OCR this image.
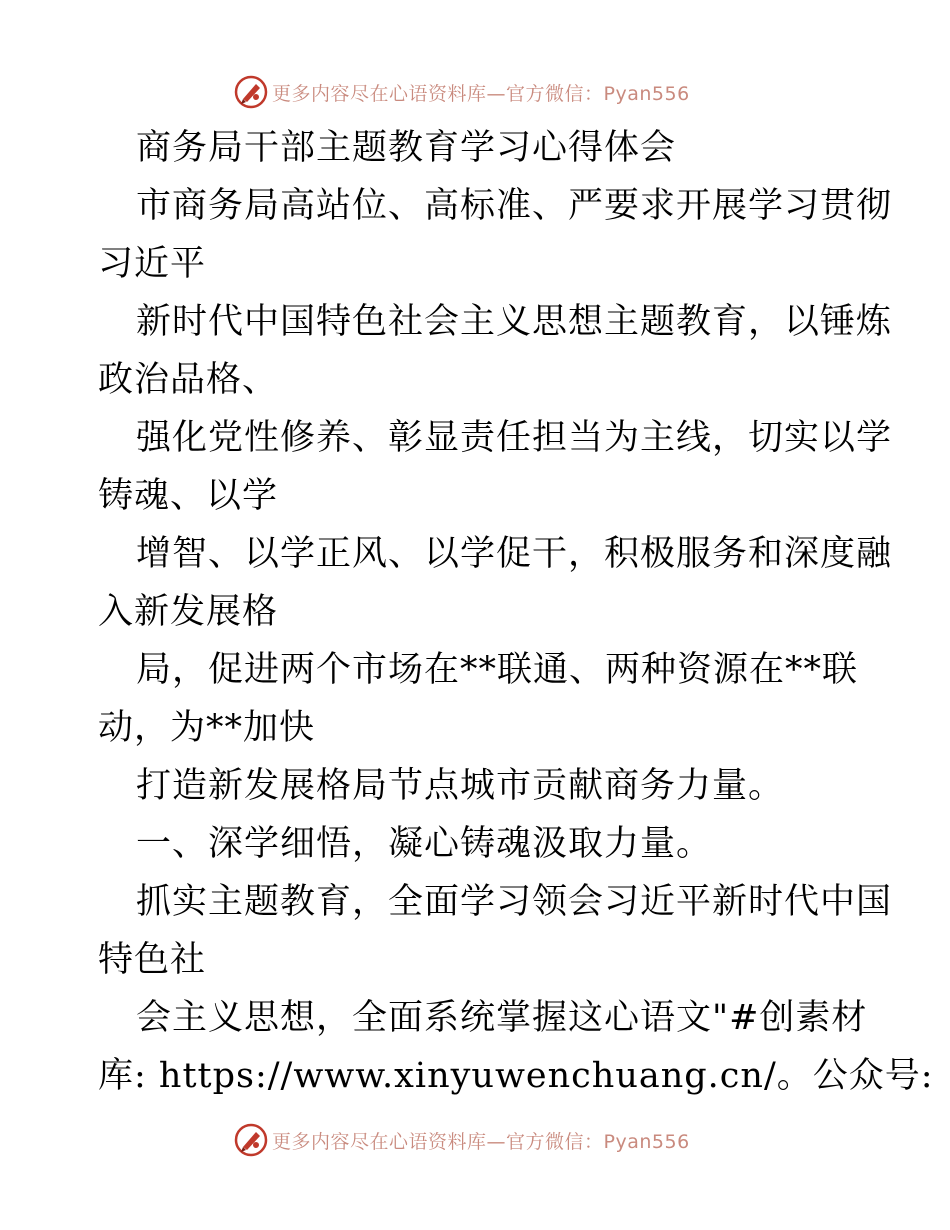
更多内容尽在心语资料库—官方微信：Pyan556
商务局干部主题教育学习心得体会
市商务局高站位、高标准、严要求开展学习贯彻
习近平
新时代中国特色社会主义思想主题教育，以锤炼
政治品格、
强化党性修养、彰显责任担当为主线，切实以学
铸魂、以学
增智、以学正风、以学促干，积极服务和深度融
入新发展格
局，促进两个市场在**联通、两种资源在**联
动，为**加快
打造新发展格局节点城市贡献商务力量。
一、深学细悟，凝心铸魂汲取力量。
抓实主题教育，全面学习领会习近平新时代中国
特色社
会主义思想，全面系统掌握这心语文"#创素材
库: https://www.xinyuwenchuang.cn/。公众号:
更多内容尽在心语资料库—官方微信：Pyan556
